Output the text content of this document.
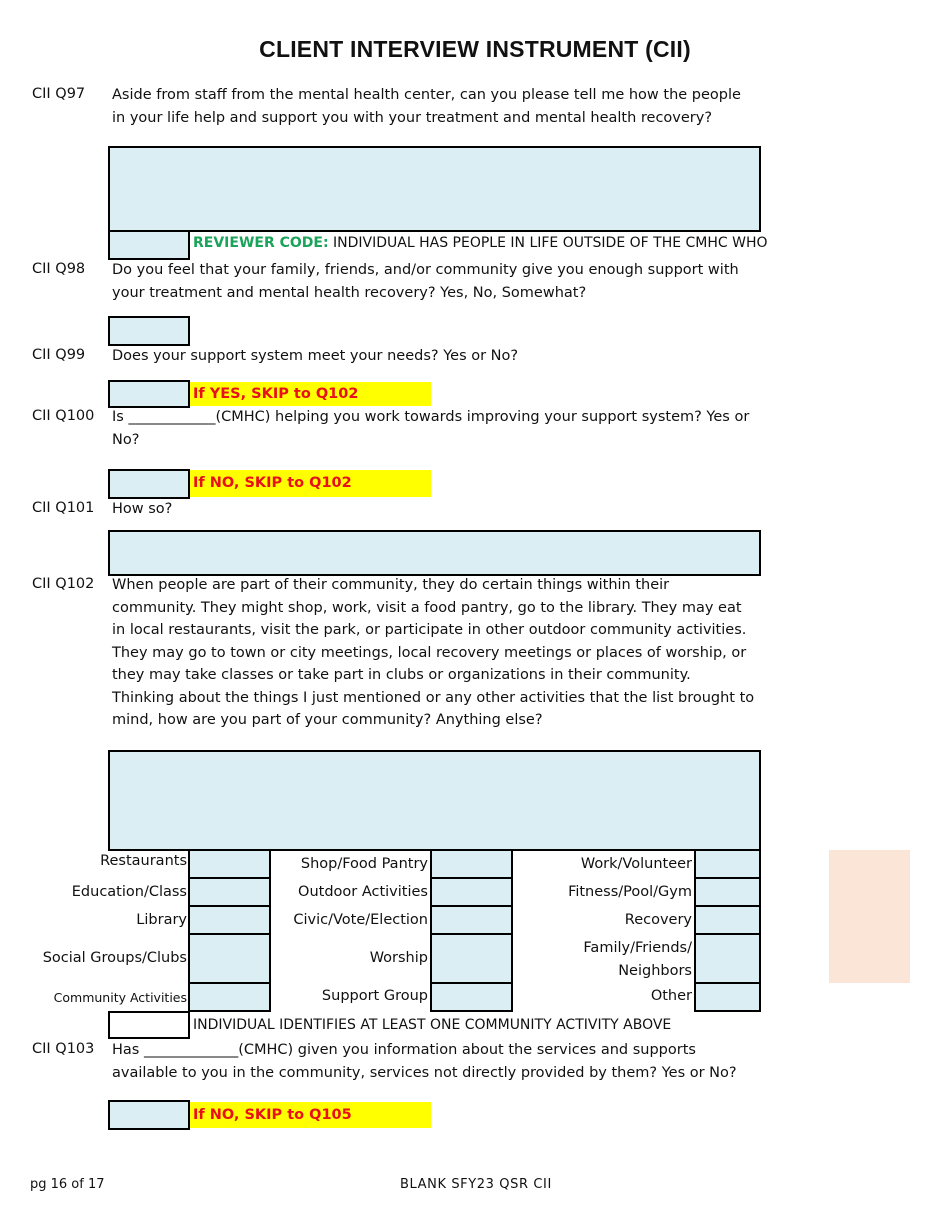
CLIENT INTERVIEW INSTRUMENT (CII)
CII Q97 Aside from staff from the mental health center, can you please tell me how the people in your life help and support you with your treatment and mental health recovery?
REVIEWER CODE: INDIVIDUAL HAS PEOPLE IN LIFE OUTSIDE OF THE CMHC WHO
CII Q98 Do you feel that your family, friends, and/or community give you enough support with your treatment and mental health recovery? Yes, No, Somewhat?
CII Q99 Does your support system meet your needs? Yes or No?
If YES, SKIP to Q102
CII Q100 Is ____________(CMHC) helping you work towards improving your support system? Yes or No?
If NO, SKIP to Q102
CII Q101 How so?
CII Q102 When people are part of their community, they do certain things within their community. They might shop, work, visit a food pantry, go to the library. They may eat in local restaurants, visit the park, or participate in other outdoor community activities. They may go to town or city meetings, local recovery meetings or places of worship, or they may take classes or take part in clubs or organizations in their community. Thinking about the things I just mentioned or any other activities that the list brought to mind, how are you part of your community? Anything else?
Restaurants
Education/Class
Library
Social Groups/Clubs
Community Activities
Shop/Food Pantry
Outdoor Activities
Civic/Vote/Election
Worship
Support Group
Work/Volunteer
Fitness/Pool/Gym
Recovery
Family/Friends/
Neighbors
Other
INDIVIDUAL IDENTIFIES AT LEAST ONE COMMUNITY ACTIVITY ABOVE
CII Q103 Has _____________(CMHC) given you information about the services and supports available to you in the community, services not directly provided by them? Yes or No?
If NO, SKIP to Q105
pg 16 of 17	BLANK SFY23 QSR CII
